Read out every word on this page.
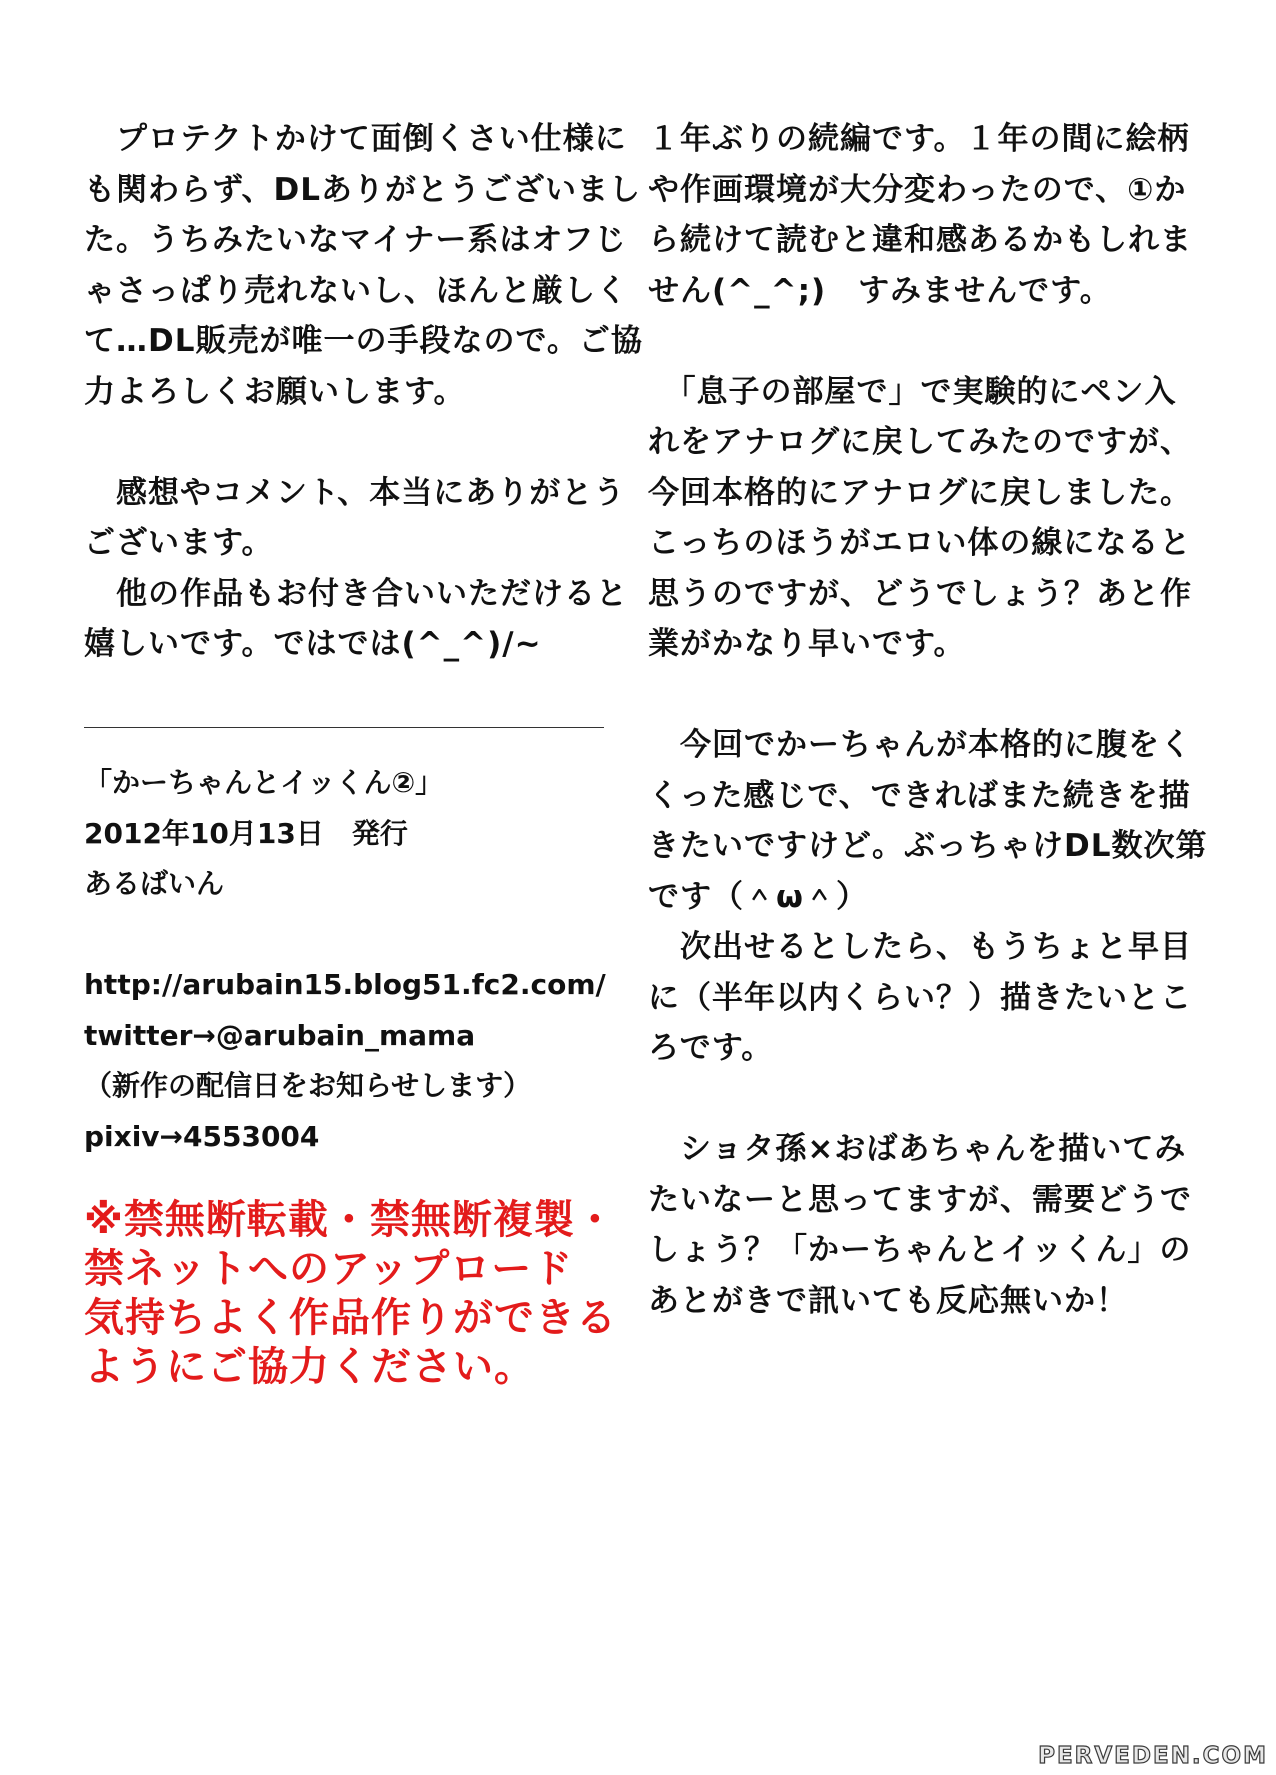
　プロテクトかけて面倒くさい仕様に
も関わらず、DLありがとうございまし
た。うちみたいなマイナー系はオフじ
ゃさっぱり売れないし、ほんと厳しく
て…DL販売が唯一の手段なので。ご協
力よろしくお願いします。
　感想やコメント、本当にありがとう
ございます。
　他の作品もお付き合いいただけると
嬉しいです。ではでは(^_^)/~
「かーちゃんとイッくん②」
2012年10月13日　発行
あるばいん
http://arubain15.blog51.fc2.com/
twitter→@arubain_mama
（新作の配信日をお知らせします）
pixiv→4553004
※禁無断転載・禁無断複製・
禁ネットへのアップロード
気持ちよく作品作りができる
ようにご協力ください。
１年ぶりの続編です。１年の間に絵柄
や作画環境が大分変わったので、①か
ら続けて読むと違和感あるかもしれま
せん(^_^;)　すみませんです。
　「息子の部屋で」で実験的にペン入
れをアナログに戻してみたのですが、
今回本格的にアナログに戻しました。
こっちのほうがエロい体の線になると
思うのですが、どうでしょう？あと作
業がかなり早いです。
　今回でかーちゃんが本格的に腹をく
くった感じで、できればまた続きを描
きたいですけど。ぶっちゃけDL数次第
です（＾ω＾）
　次出せるとしたら、もうちょと早目
に（半年以内くらい？）描きたいとこ
ろです。
　ショタ孫×おばあちゃんを描いてみ
たいなーと思ってますが、需要どうで
しょう？「かーちゃんとイッくん」の
あとがきで訊いても反応無いか！
PERVEDEN.COM
